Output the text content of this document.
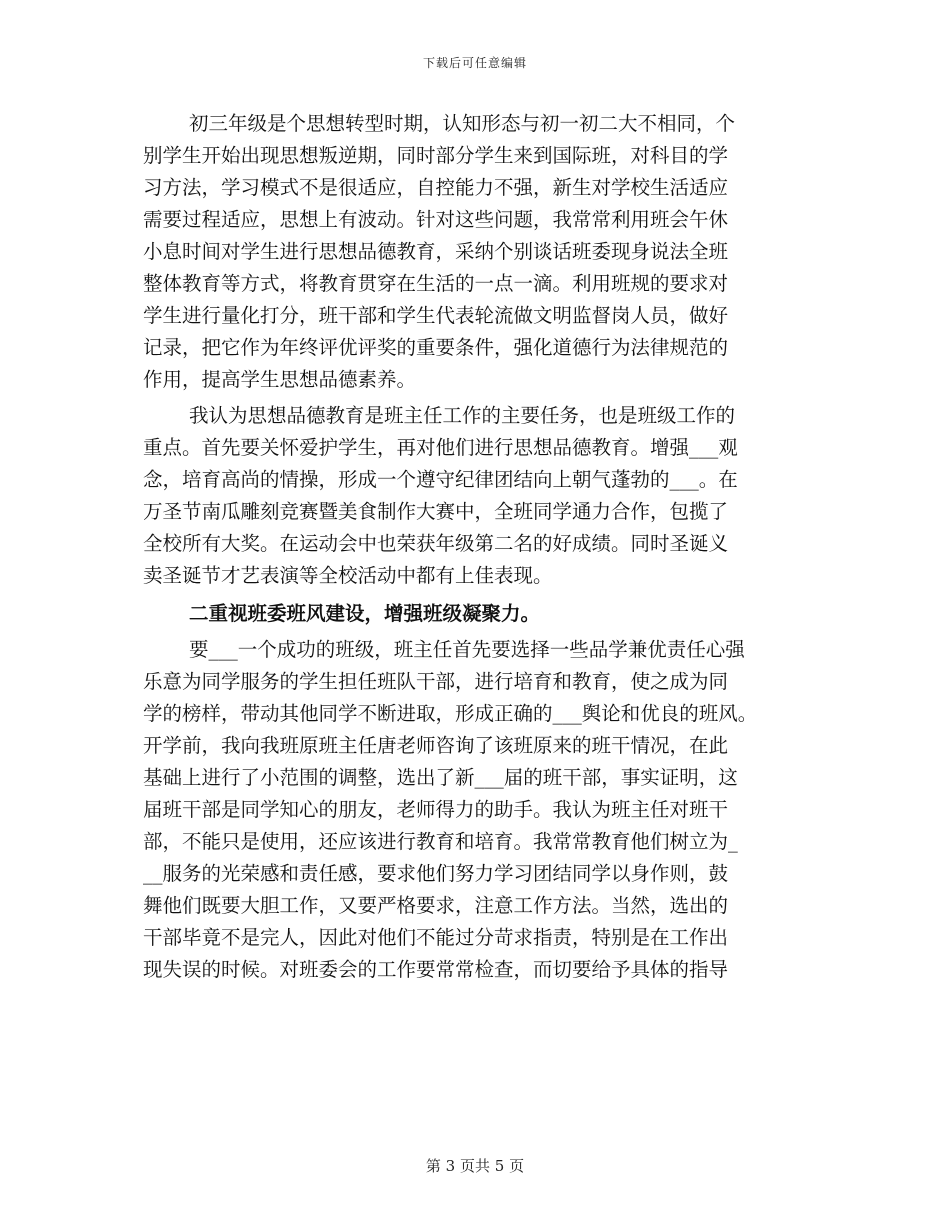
下载后可任意编辑
初三年级是个思想转型时期，认知形态与初一初二大不相同，个
别学生开始出现思想叛逆期，同时部分学生来到国际班，对科目的学
习方法，学习模式不是很适应，自控能力不强，新生对学校生活适应
需要过程适应，思想上有波动。针对这些问题，我常常利用班会午休
小息时间对学生进行思想品德教育，采纳个别谈话班委现身说法全班
整体教育等方式，将教育贯穿在生活的一点一滴。利用班规的要求对
学生进行量化打分，班干部和学生代表轮流做文明监督岗人员，做好
记录，把它作为年终评优评奖的重要条件，强化道德行为法律规范的
作用，提高学生思想品德素养。
我认为思想品德教育是班主任工作的主要任务，也是班级工作的
重点。首先要关怀爱护学生，再对他们进行思想品德教育。增强___观
念，培育高尚的情操，形成一个遵守纪律团结向上朝气蓬勃的___。在
万圣节南瓜雕刻竞赛暨美食制作大赛中，全班同学通力合作，包揽了
全校所有大奖。在运动会中也荣获年级第二名的好成绩。同时圣诞义
卖圣诞节才艺表演等全校活动中都有上佳表现。
二重视班委班风建设，增强班级凝聚力。
要___一个成功的班级，班主任首先要选择一些品学兼优责任心强
乐意为同学服务的学生担任班队干部，进行培育和教育，使之成为同
学的榜样，带动其他同学不断进取，形成正确的___舆论和优良的班风。
开学前，我向我班原班主任唐老师咨询了该班原来的班干情况，在此
基础上进行了小范围的调整，选出了新___届的班干部，事实证明，这
届班干部是同学知心的朋友，老师得力的助手。我认为班主任对班干
部，不能只是使用，还应该进行教育和培育。我常常教育他们树立为_
__服务的光荣感和责任感，要求他们努力学习团结同学以身作则，鼓
舞他们既要大胆工作，又要严格要求，注意工作方法。当然，选出的
干部毕竟不是完人，因此对他们不能过分苛求指责，特别是在工作出
现失误的时候。对班委会的工作要常常检查，而切要给予具体的指导
第 3 页共 5 页
